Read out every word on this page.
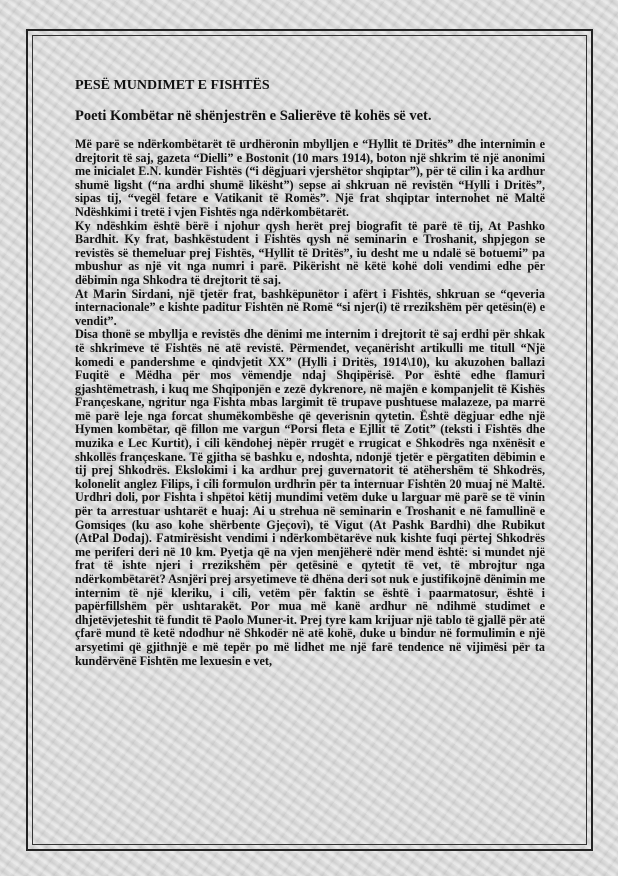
PESË MUNDIMET E FISHTËS
Poeti Kombëtar në shënjestrën e Salierëve të kohës së vet.

Më parë se ndërkombëtarët të urdhëronin mbylljen e “Hyllit të Dritës” dhe internimin e drejtorit të saj, gazeta “Dielli” e Bostonit (10 mars 1914), boton një shkrim të një anonimi me inicialet E.N. kundër Fishtës (“i dëgjuari vjershëtor shqiptar”), për të cilin i ka ardhur shumë ligsht (“na ardhi shumë likësht”) sepse ai shkruan në revistën “Hylli i Dritës”, sipas tij, “vegël fetare e Vatikanit të Romës”. Një frat shqiptar internohet në Maltë Ndëshkimi i tretë i vjen Fishtës nga ndërkombëtarët.

Ky ndëshkim është bërë i njohur qysh herët prej biografit të parë të tij, At Pashko Bardhit. Ky frat, bashkëstudent i Fishtës qysh në seminarin e Troshanit, shpjegon se revistës së themeluar prej Fishtës, “Hyllit të Dritës”, iu desht me u ndalë së botuemi” pa mbushur as një vit nga numri i parë. Pikërisht në këtë kohë doli vendimi edhe për dëbimin nga Shkodra të drejtorit të saj.

At Marin Sirdani, një tjetër frat, bashkëpunëtor i afërt i Fishtës, shkruan se “qeveria internacionale” e kishte paditur Fishtën në Romë “si njer(i) të rrezikshëm për qetësin(ë) e vendit”.

Disa thonë se mbyllja e revistës dhe dënimi me internim i drejtorit të saj erdhi për shkak të shkrimeve të Fishtës në atë revistë. Përmendet, veçanërisht artikulli me titull “Një komedi e pandershme e qindvjetit XX” (Hylli i Dritës, 1914\10), ku akuzohen ballazi Fuqitë e Mëdha për mos vëmendje ndaj Shqipërisë. Por është edhe flamuri gjashtëmetrash, i kuq me Shqiponjën e zezë dykrenore, në majën e kompanjelit të Kishës Françeskane, ngritur nga Fishta mbas largimit të trupave pushtuese malazeze, pa marrë më parë leje nga forcat shumëkombëshe që qeverisnin qytetin. Është dëgjuar edhe një Hymen kombëtar, që fillon me vargun “Porsi fleta e Ejllit të Zotit” (teksti i Fishtës dhe muzika e Lec Kurtit), i cili këndohej nëpër rrugët e rrugicat e Shkodrës nga nxënësit e shkollës françeskane. Të gjitha së bashku e, ndoshta, ndonjë tjetër e përgatiten dëbimin e tij prej Shkodrës. Ekslokimi i ka ardhur prej guvernatorit të atëhershëm të Shkodrës, kolonelit anglez Filips, i cili formulon urdhrin për ta internuar Fishtën 20 muaj në Maltë. Urdhri doli, por Fishta i shpëtoi këtij mundimi vetëm duke u larguar më parë se të vinin për ta arrestuar ushtarët e huaj: Ai u strehua në seminarin e Troshanit e në famullinë e Gomsiqes (ku aso kohe shërbente Gjeçovi), të Vigut (At Pashk Bardhi) dhe Rubikut (AtPal Dodaj). Fatmirësisht vendimi i ndërkombëtarëve nuk kishte fuqi përtej Shkodrës me periferi deri në 10 km. Pyetja që na vjen menjëherë ndër mend është: si mundet një frat të ishte njeri i rrezikshëm për qetësinë e qytetit të vet, të mbrojtur nga ndërkombëtarët? Asnjëri prej arsyetimeve të dhëna deri sot nuk e justifikojnë dënimin me internim të një kleriku, i cili, vetëm për faktin se është i paarmatosur, është i papërfillshëm për ushtarakët. Por mua më kanë ardhur në ndihmë studimet e dhjetëvjeteshit të fundit të Paolo Muner-it. Prej tyre kam krijuar një tablo të gjallë për atë çfarë mund të ketë ndodhur në Shkodër në atë kohë, duke u bindur në formulimin e një arsyetimi që gjithnjë e më tepër po më lidhet me një farë tendence në vijimësi për ta kundërvënë Fishtën me lexuesin e vet,
